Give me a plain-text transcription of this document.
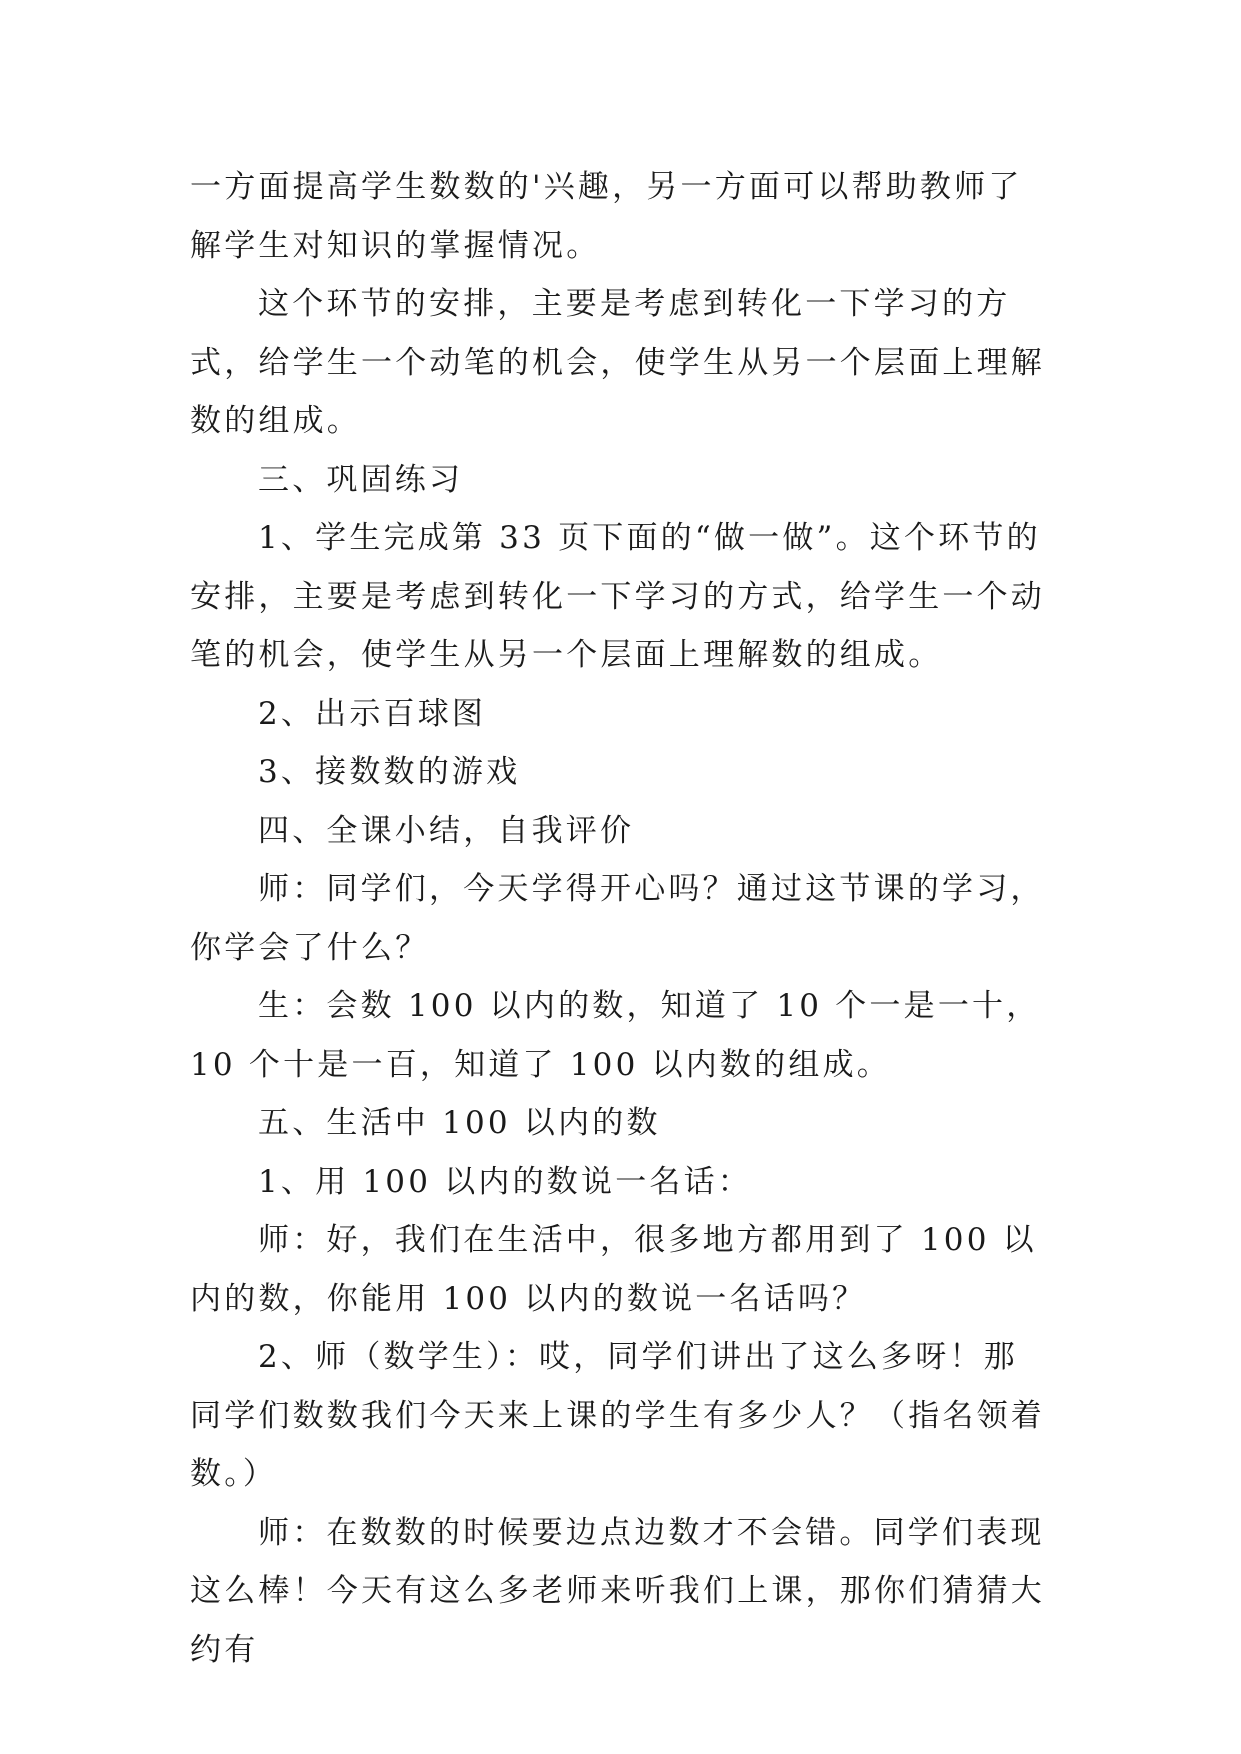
一方面提高学生数数的'兴趣，另一方面可以帮助教师了解学生对知识的掌握情况。

这个环节的安排，主要是考虑到转化一下学习的方式，给学生一个动笔的机会，使学生从另一个层面上理解数的组成。

三、巩固练习

1、学生完成第 33 页下面的“做一做”。这个环节的安排，主要是考虑到转化一下学习的方式，给学生一个动笔的机会，使学生从另一个层面上理解数的组成。

2、出示百球图

3、接数数的游戏

四、全课小结，自我评价

师：同学们，今天学得开心吗？通过这节课的学习，你学会了什么？

生：会数 100 以内的数，知道了 10 个一是一十，10 个十是一百，知道了 100 以内数的组成。

五、生活中 100 以内的数

1、用 100 以内的数说一名话：

师：好，我们在生活中，很多地方都用到了 100 以内的数，你能用 100 以内的数说一名话吗？

2、师（数学生）：哎，同学们讲出了这么多呀！那同学们数数我们今天来上课的学生有多少人？（指名领着数。）

师：在数数的时候要边点边数才不会错。同学们表现这么棒！今天有这么多老师来听我们上课，那你们猜猜大约有
